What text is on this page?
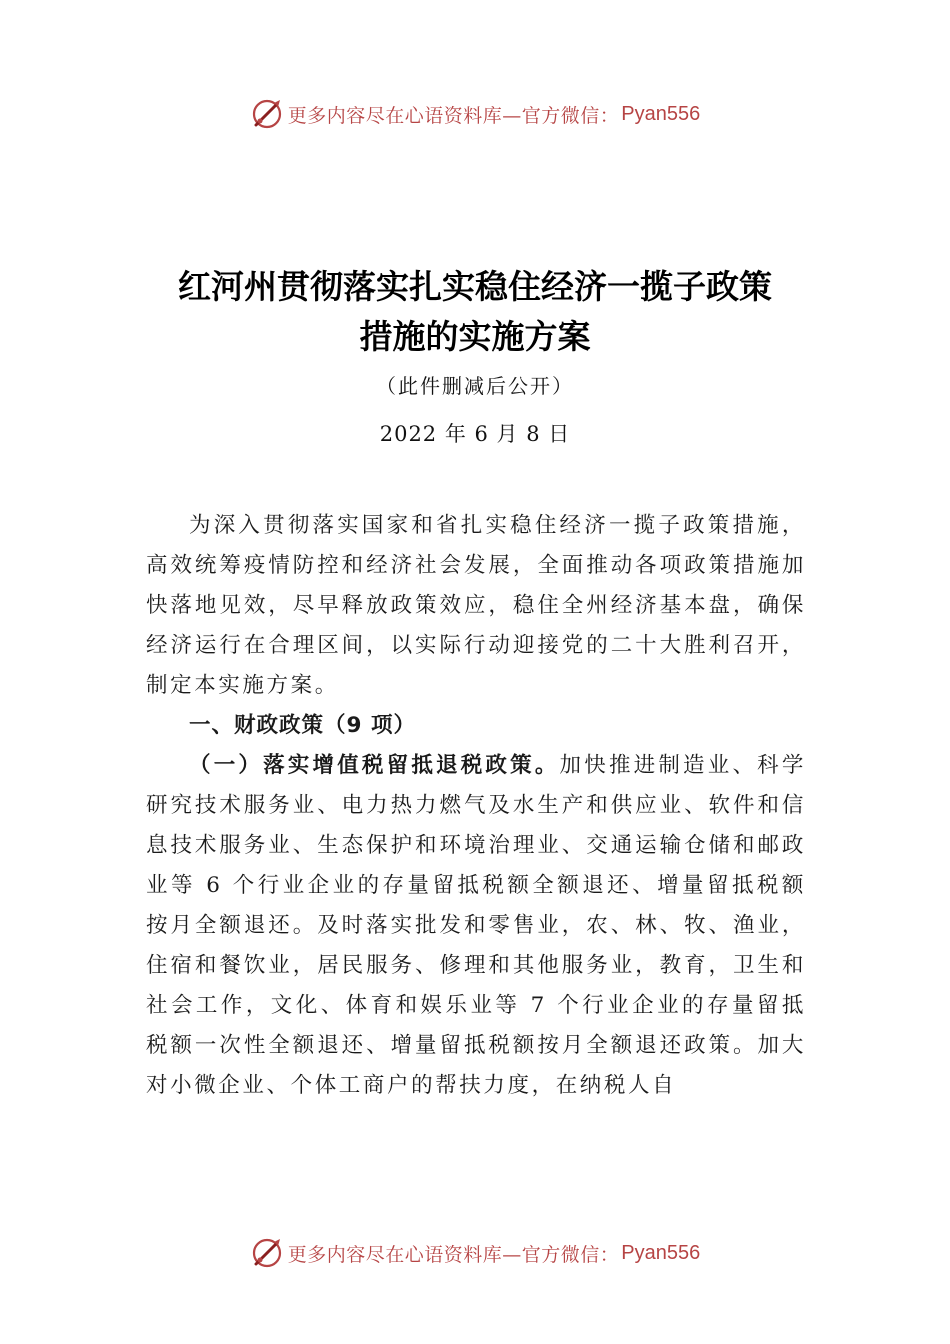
更多内容尽在心语资料库—官方微信： Pyan556
红河州贯彻落实扎实稳住经济一揽子政策
措施的实施方案
（此件删减后公开）
2022 年 6 月 8 日

为深入贯彻落实国家和省扎实稳住经济一揽子政策措施，高效统筹疫情防控和经济社会发展，全面推动各项政策措施加快落地见效，尽早释放政策效应，稳住全州经济基本盘，确保经济运行在合理区间，以实际行动迎接党的二十大胜利召开，制定本实施方案。

一、财政政策（9 项）

（一）落实增值税留抵退税政策。加快推进制造业、科学研究技术服务业、电力热力燃气及水生产和供应业、软件和信息技术服务业、生态保护和环境治理业、交通运输仓储和邮政业等 6 个行业企业的存量留抵税额全额退还、增量留抵税额按月全额退还。及时落实批发和零售业，农、林、牧、渔业，住宿和餐饮业，居民服务、修理和其他服务业，教育，卫生和社会工作，文化、体育和娱乐业等 7 个行业企业的存量留抵税额一次性全额退还、增量留抵税额按月全额退还政策。加大对小微企业、个体工商户的帮扶力度，在纳税人自

更多内容尽在心语资料库—官方微信： Pyan556
